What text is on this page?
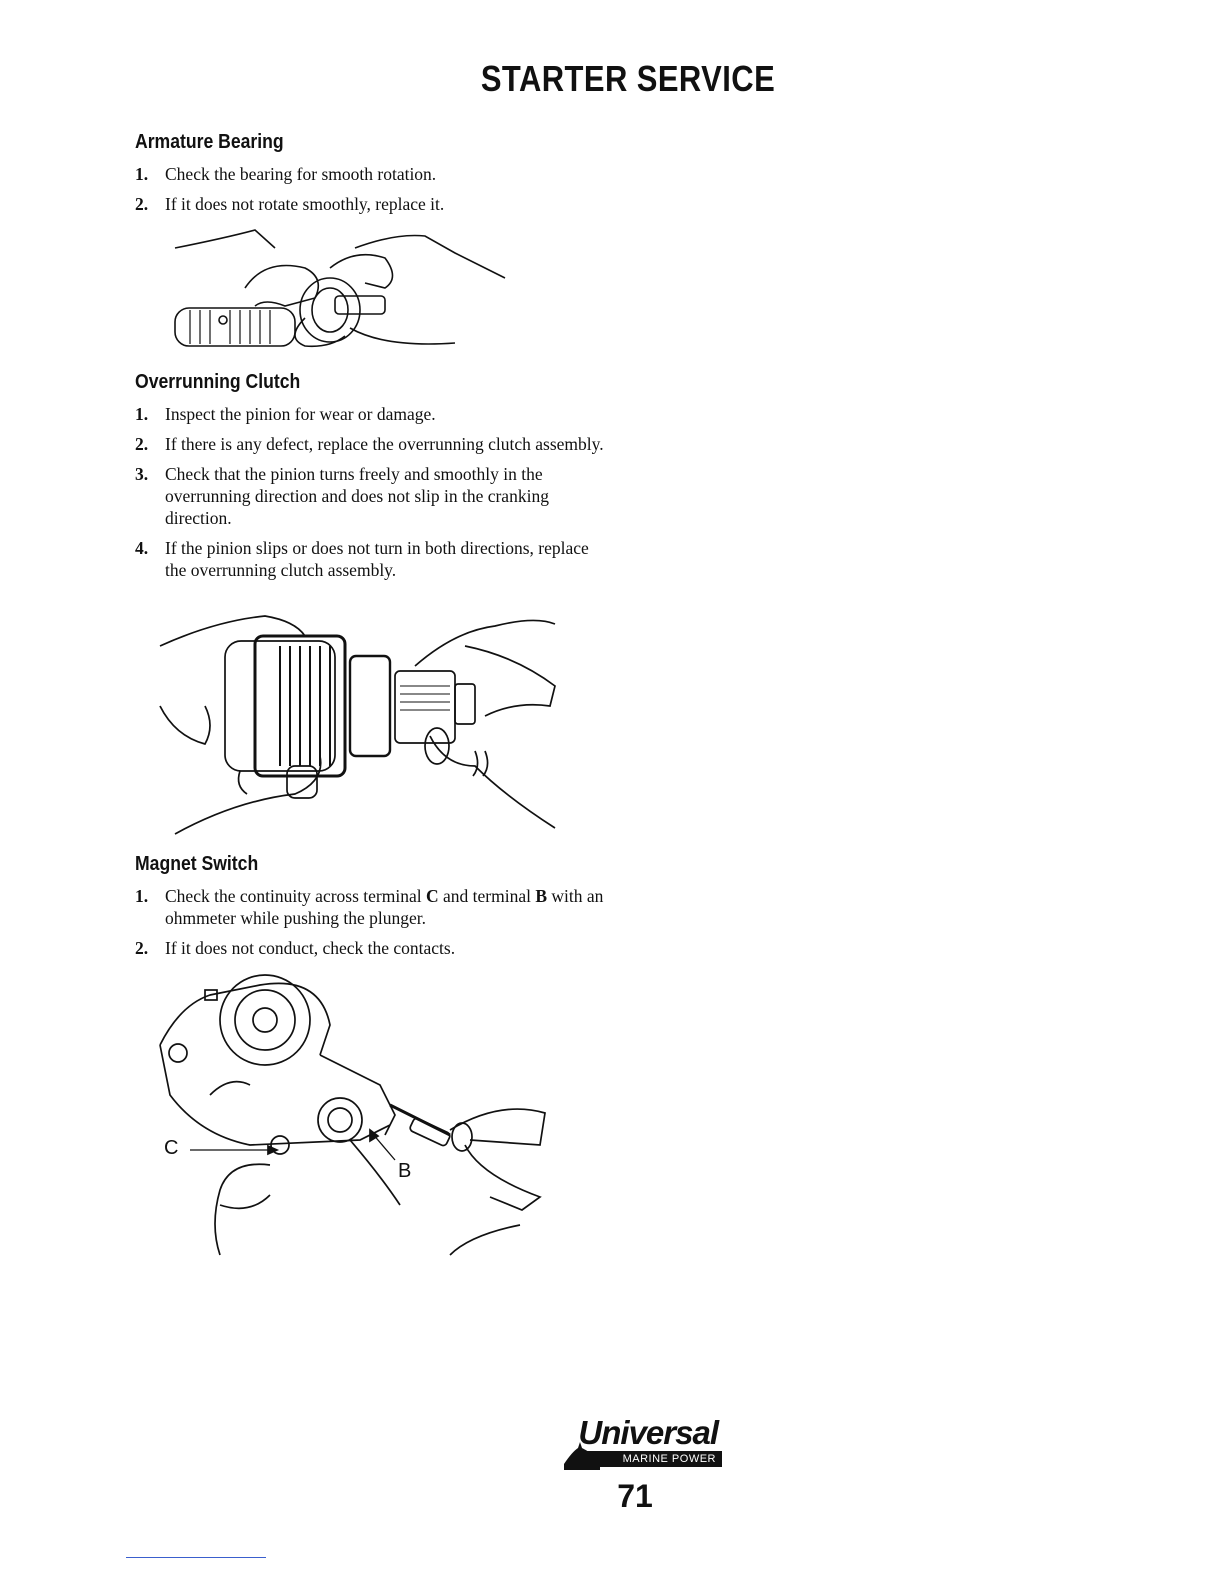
STARTER SERVICE
Armature Bearing
1. Check the bearing for smooth rotation.
2. If it does not rotate smoothly, replace it.
Overrunning Clutch
1. Inspect the pinion for wear or damage.
2. If there is any defect, replace the overrunning clutch assembly.
3. Check that the pinion turns freely and smoothly in the overrunning direction and does not slip in the cranking direction.
4. If the pinion slips or does not turn in both directions, replace the overrunning clutch assembly.
Magnet Switch
1. Check the continuity across terminal C and terminal B with an ohmmeter while pushing the plunger.
2. If it does not conduct, check the contacts.
C
B
Universal
MARINE POWER
71
